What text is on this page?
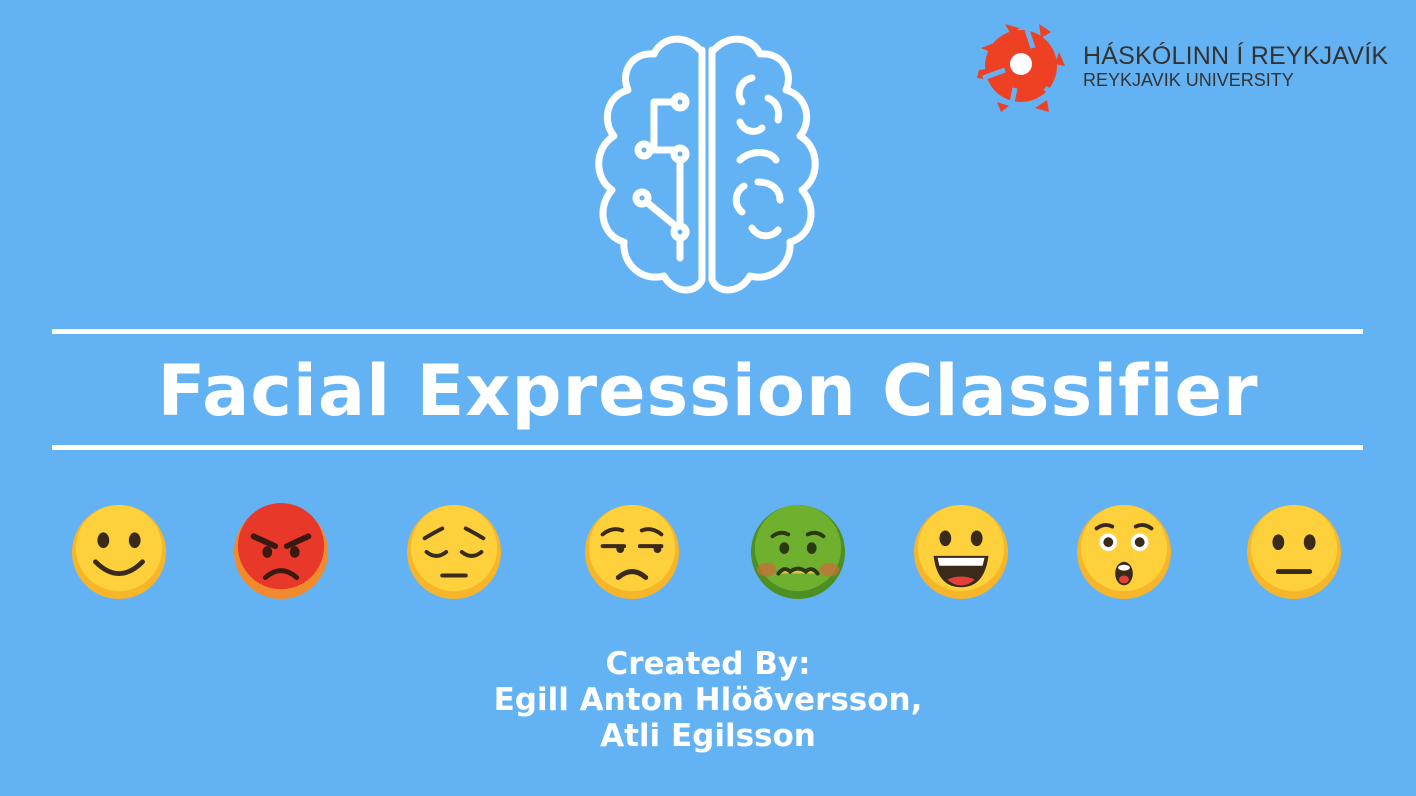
HÁSKÓLINN Í REYKJAVÍK
REYKJAVIK UNIVERSITY
Facial Expression Classifier
Created By:
Egill Anton Hlöðversson,
Atli Egilsson
